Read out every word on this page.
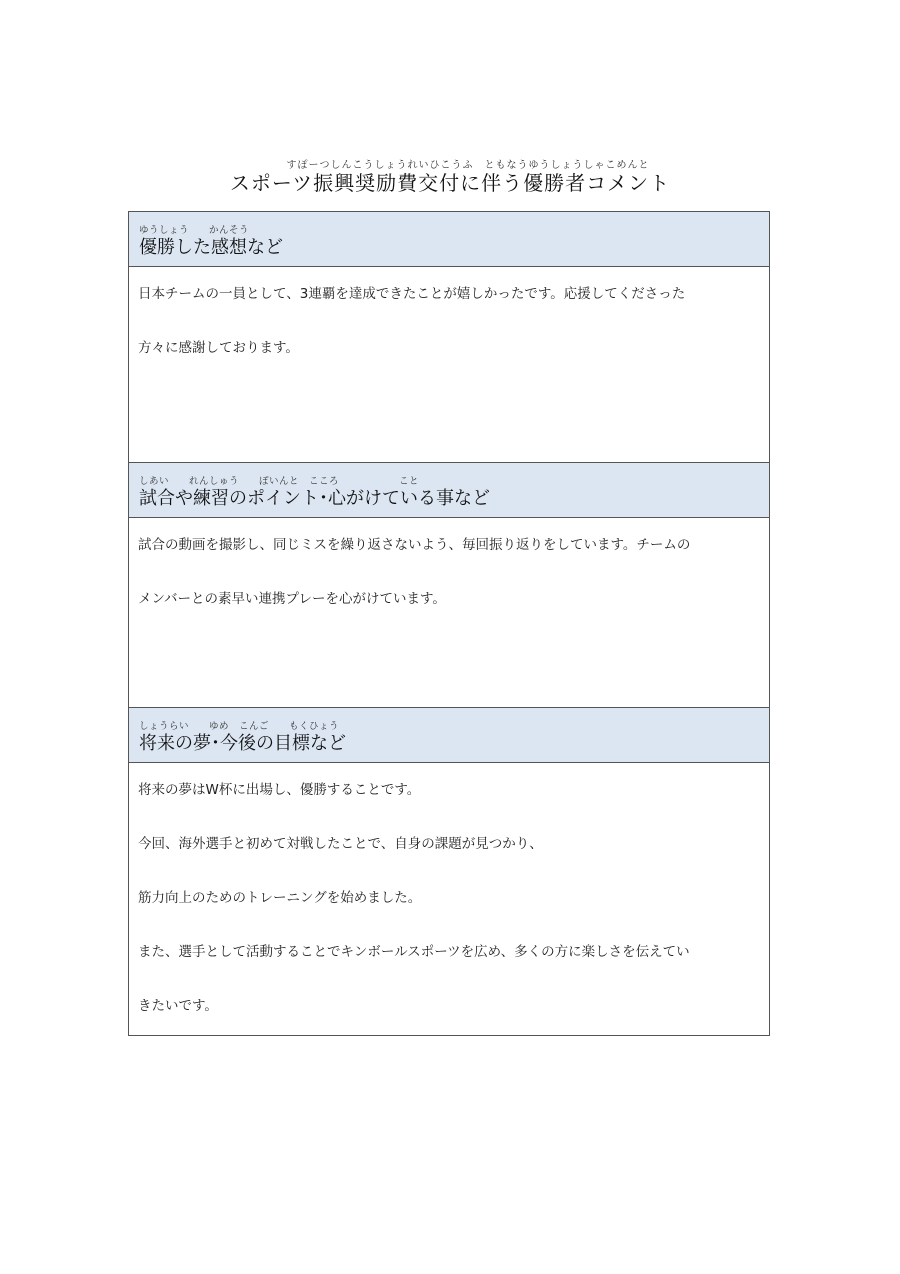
すぽーつしんこうしょうれいひこうふ　ともなうゆうしょうしゃこめんと
スポーツ振興奨励費交付に伴う優勝者コメント
ゆうしょう　　かんそう
優勝した感想など

日本チームの一員として、3連覇を達成できたことが嬉しかったです。応援してくださった

方々に感謝しております。

しあい　　れんしゅう　　ぽいんと　こころ　　　　　　こと
試合や練習のポイント･心がけている事など

試合の動画を撮影し、同じミスを繰り返さないよう、毎回振り返りをしています。チームの

メンバーとの素早い連携プレーを心がけています。

しょうらい　　ゆめ　こんご　　もくひょう
将来の夢･今後の目標など

将来の夢はW杯に出場し、優勝することです。

今回、海外選手と初めて対戦したことで、自身の課題が見つかり、

筋力向上のためのトレーニングを始めました。

また、選手として活動することでキンボールスポーツを広め、多くの方に楽しさを伝えてい

きたいです。
